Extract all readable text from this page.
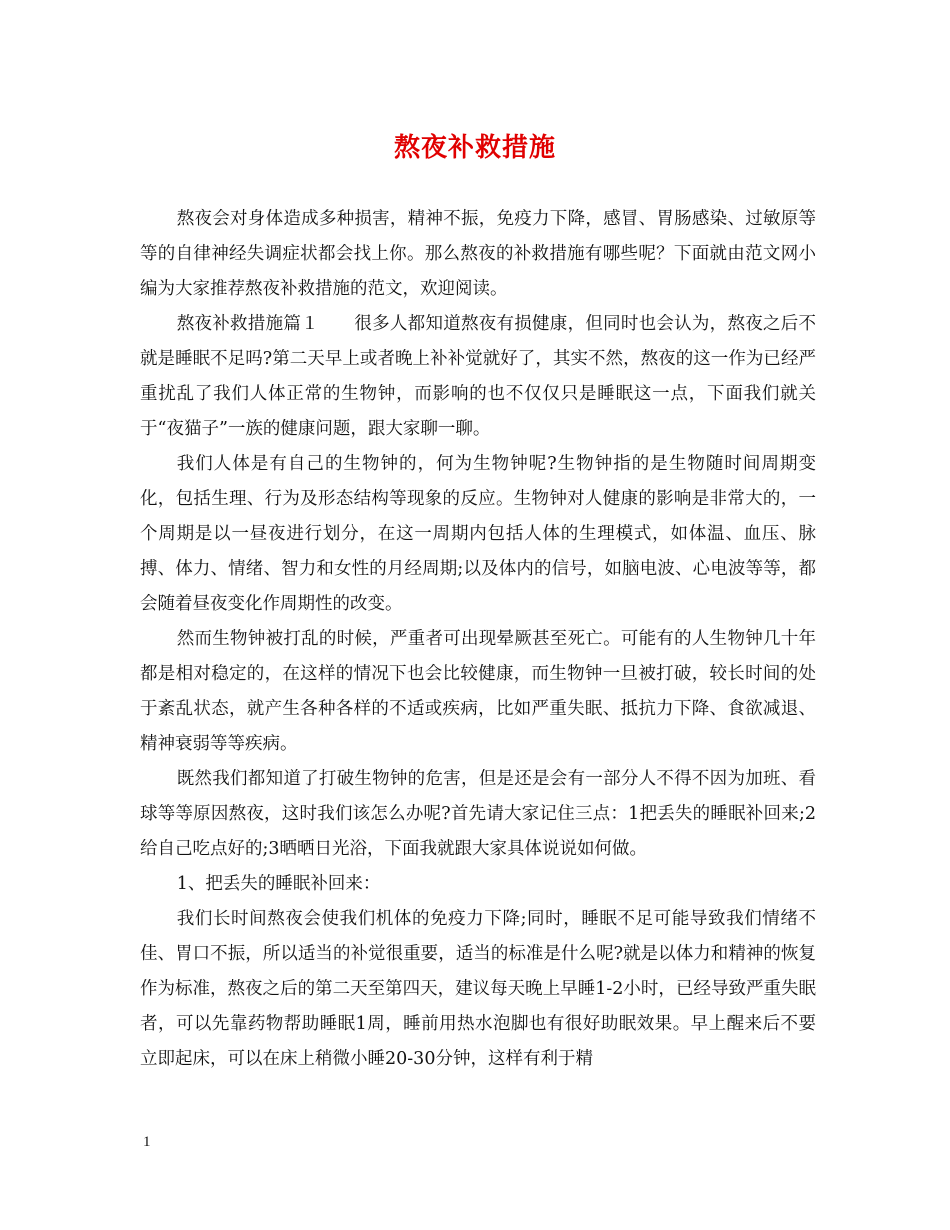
熬夜补救措施

熬夜会对身体造成多种损害，精神不振，免疫力下降，感冒、胃肠感染、过敏原等等的自律神经失调症状都会找上你。那么熬夜的补救措施有哪些呢？下面就由范文网小编为大家推荐熬夜补救措施的范文，欢迎阅读。

熬夜补救措施篇１　　很多人都知道熬夜有损健康，但同时也会认为，熬夜之后不就是睡眠不足吗?第二天早上或者晚上补补觉就好了，其实不然，熬夜的这一作为已经严重扰乱了我们人体正常的生物钟，而影响的也不仅仅只是睡眠这一点，下面我们就关于“夜猫子”一族的健康问题，跟大家聊一聊。

我们人体是有自己的生物钟的，何为生物钟呢?生物钟指的是生物随时间周期变化，包括生理、行为及形态结构等现象的反应。生物钟对人健康的影响是非常大的，一个周期是以一昼夜进行划分，在这一周期内包括人体的生理模式，如体温、血压、脉搏、体力、情绪、智力和女性的月经周期;以及体内的信号，如脑电波、心电波等等，都会随着昼夜变化作周期性的改变。

然而生物钟被打乱的时候，严重者可出现晕厥甚至死亡。可能有的人生物钟几十年都是相对稳定的，在这样的情况下也会比较健康，而生物钟一旦被打破，较长时间的处于紊乱状态，就产生各种各样的不适或疾病，比如严重失眠、抵抗力下降、食欲减退、精神衰弱等等疾病。

既然我们都知道了打破生物钟的危害，但是还是会有一部分人不得不因为加班、看球等等原因熬夜，这时我们该怎么办呢?首先请大家记住三点：1把丢失的睡眠补回来;2给自己吃点好的;3晒晒日光浴，下面我就跟大家具体说说如何做。

1、把丢失的睡眠补回来：

我们长时间熬夜会使我们机体的免疫力下降;同时，睡眠不足可能导致我们情绪不佳、胃口不振，所以适当的补觉很重要，适当的标准是什么呢?就是以体力和精神的恢复作为标准，熬夜之后的第二天至第四天，建议每天晚上早睡1-2小时，已经导致严重失眠者，可以先靠药物帮助睡眠1周，睡前用热水泡脚也有很好助眠效果。早上醒来后不要立即起床，可以在床上稍微小睡20-30分钟，这样有利于精

1
